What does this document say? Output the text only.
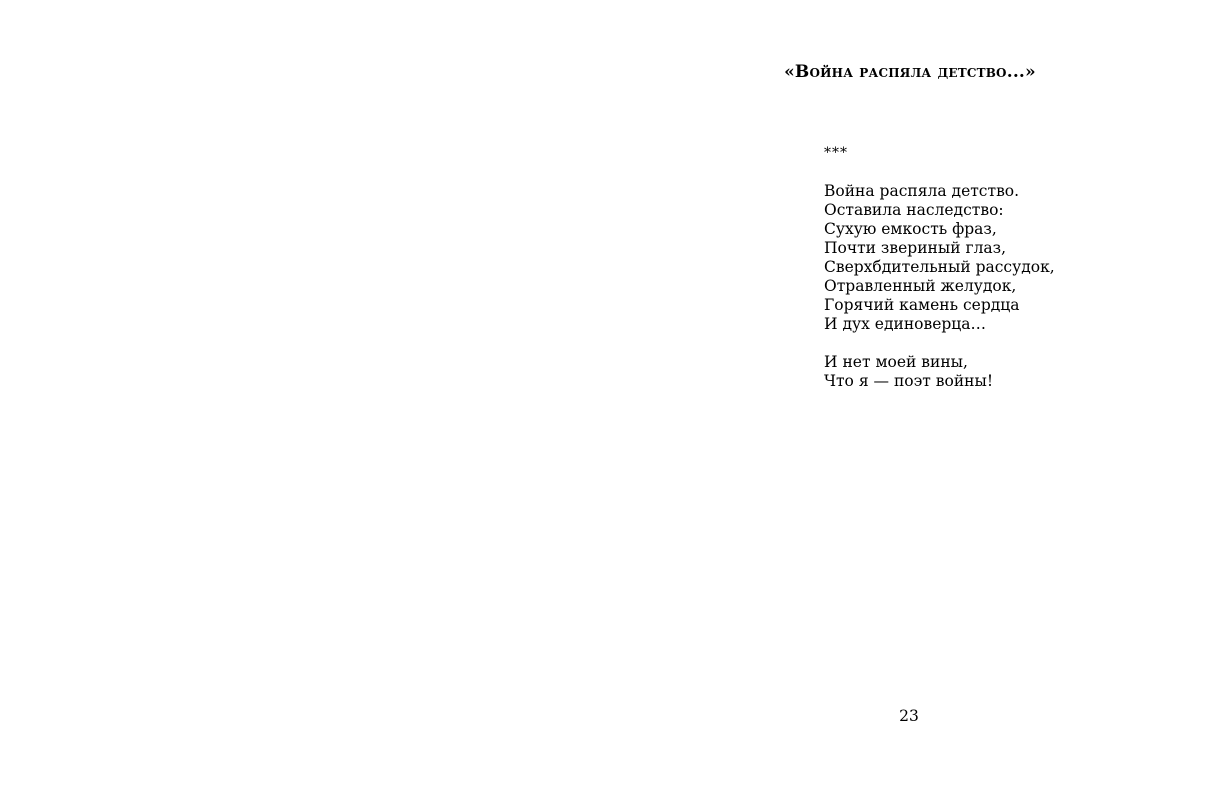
«Война распяла детство...»
***
Война распяла детство.
Оставила наследство:
Сухую емкость фраз,
Почти звериный глаз,
Сверхбдительный рассудок,
Отравленный желудок,
Горячий камень сердца
И дух единоверца…
И нет моей вины,
Что я — поэт войны!
23
